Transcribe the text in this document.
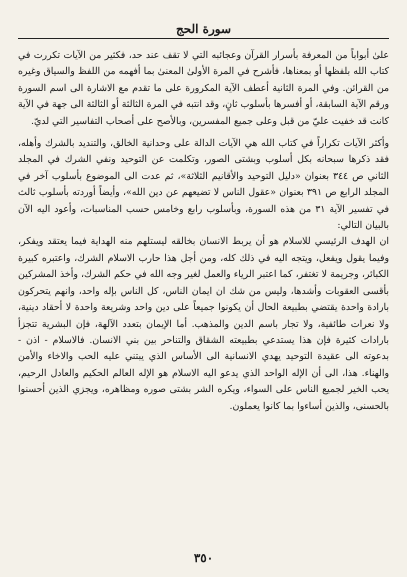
سورة الحج

علىٰ أبواباً من المعرفة بأسرار القرآن وعجائبه التي لا تقف عند حد، فكثير من الآيات تكررت في كتاب الله بلفظها أو بمعناها، فأشرح في المرة الأولىٰ المعنىٰ بما أفهمه من اللفظ والسياق وغيره من القرائن. وفي المرة الثانية أعطف الآية المكرورة على ما تقدم مع الاشارة الى اسم السورة ورقم الآية السابقة، أو أفسرها بأسلوب ثانٍ، وقد انتبه في المرة الثالثة أو الثالثة الى جهة في الآية كانت قد خفيت عليّ من قبل وعلى جميع المفسرين، وبالأصح على أصحاب التفاسير التي لديّ.

وأكثر الآيات تكراراً في كتاب الله هي الآيات الدالة على وحدانية الخالق، والتنديد بالشرك وأهله، فقد ذكرها سبحانه بكل أسلوب وبشتى الصور، وتكلمت عن التوحيد ونفي الشرك في المجلد الثاني ص ٣٤٤ بعنوان «دليل التوحيد والأقانيم الثلاثة»، ثم عدت الى الموضوع بأسلوب آخر في المجلد الرابع ص ٣٩١ بعنوان «عقول الناس لا تضيعهم عن دين الله»، وأيضاً أوردته بأسلوب ثالث في تفسير الآية ٣١ من هذه السورة، وبأسلوب رابع وخامس حسب المناسبات، وأعود اليه الآن بالبيان التالي:

ان الهدف الرئيسي للاسلام هو أن يربط الانسان بخالقه ليستلهم منه الهداية فيما يعتقد ويفكر، وفيما يقول ويفعل، ويتجه اليه في ذلك كله، ومن أجل هذا حارب الاسلام الشرك، واعتبره كبيرة الكبائر، وجريمة لا تغتفر، كما اعتبر الرياء والعمل لغير وجه الله في حكم الشرك، وأخذ المشركين بأقسى العقوبات وأشدها، وليس من شك ان ايمان الناس، كل الناس بإله واحد، وانهم يتحركون بارادة واحدة يقتضي بطبيعة الحال أن يكونوا جميعاً على دين واحد وشريعة واحدة لا أحقاد دينية، ولا نعرات طائفية، ولا تجار باسم الدين والمذهب. أما الإيمان بتعدد الآلهة، فإن البشرية تتجزأ بارادات كثيرة فإن هذا يستدعي بطبيعته الشقاق والتناحر بين بني الانسان. فالاسلام - اذن - بدعوته الى عقيدة التوحيد يهدي الانسانية الى الأساس الذي يبتني عليه الحب والاخاء والأمن والهناء. هذا، الى أن الإله الواحد الذي يدعو اليه الاسلام هو الإله العالم الحكيم والعادل الرحيم، يحب الخير لجميع الناس على السواء، ويكره الشر بشتى صوره ومظاهره، ويجزي الذين أحسنوا بالحسنى، والذين أساءوا بما كانوا يعملون.

٣٥٠
